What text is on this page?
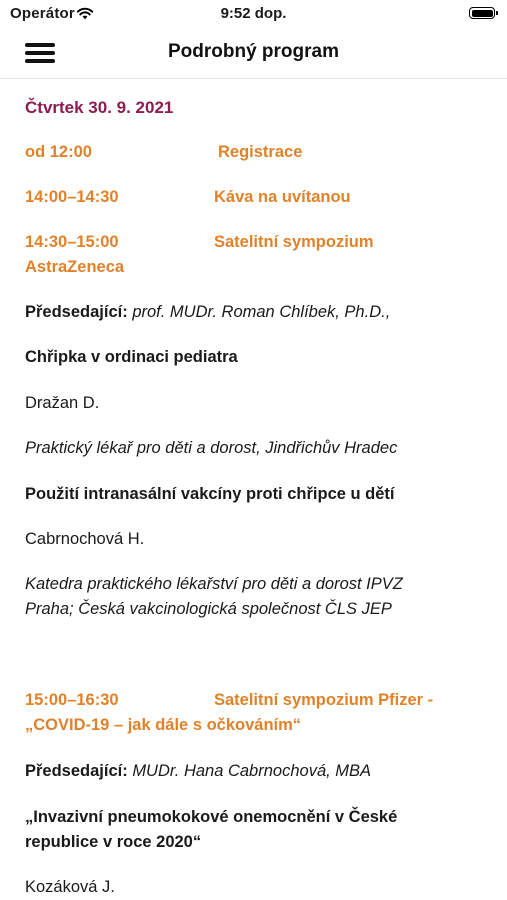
Operátor	9:52 dop.
Podrobný program

Čtvrtek 30. 9. 2021

od 12:00	Registrace

14:00–14:30	Káva na uvítanou

14:30–15:00	Satelitní sympozium
AstraZeneca

Předsedající: prof. MUDr. Roman Chlíbek, Ph.D.,

Chřipka v ordinaci pediatra

Dražan D.

Praktický lékař pro děti a dorost, Jindřichův Hradec

Použití intranasální vakcíny proti chřipce u dětí

Cabrnochová H.

Katedra praktického lékařství pro děti a dorost IPVZ
Praha; Česká vakcinologická společnost ČLS JEP

15:00–16:30	Satelitní sympozium Pfizer -
„COVID-19 – jak dále s očkováním“

Předsedající: MUDr. Hana Cabrnochová, MBA

„Invazivní pneumokokové onemocnění v České
republice v roce 2020“

Kozáková J.
